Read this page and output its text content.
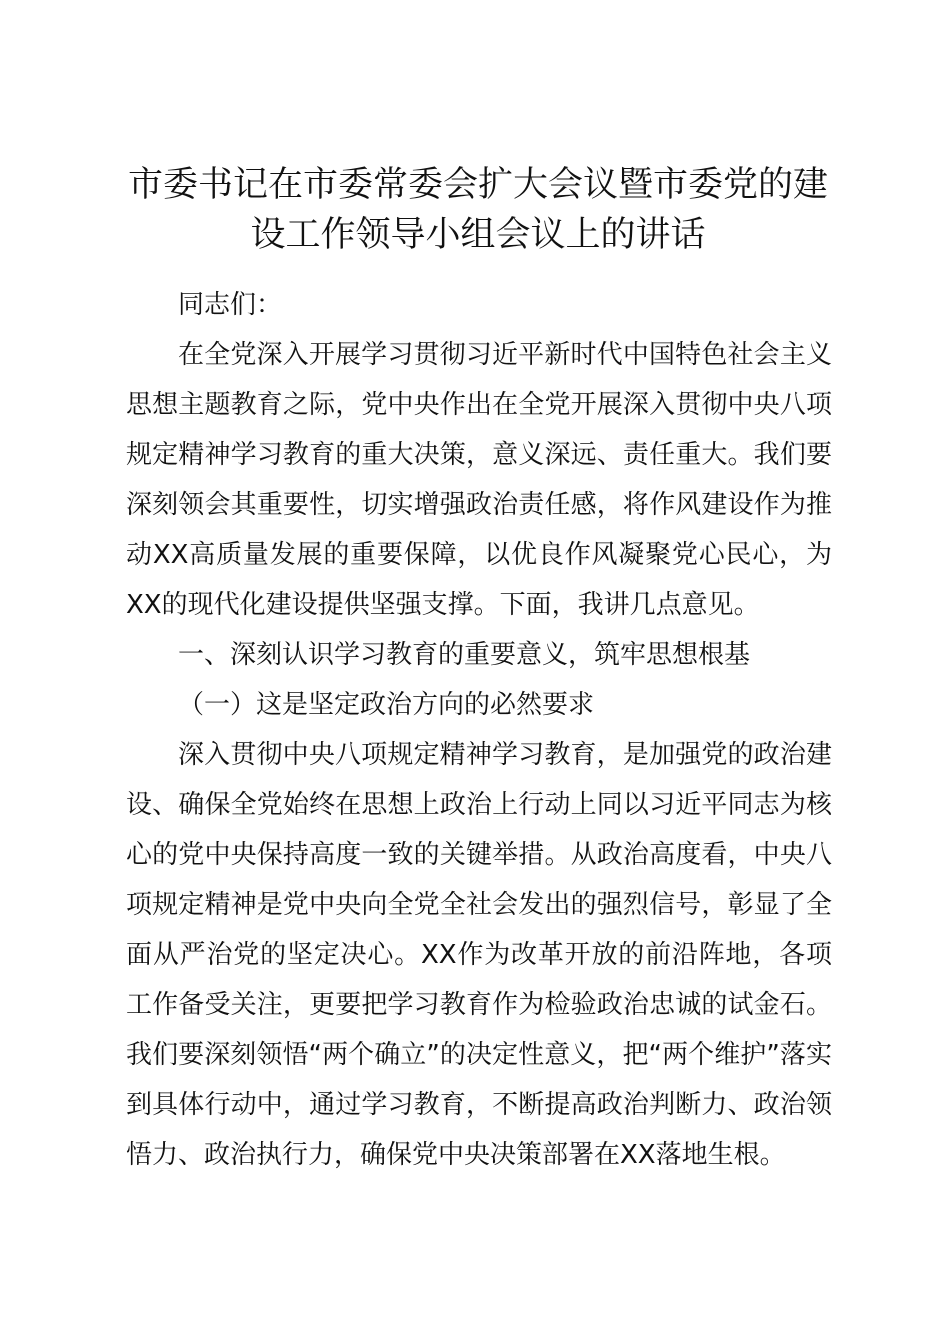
市委书记在市委常委会扩大会议暨市委党的建设工作领导小组会议上的讲话

同志们：

在全党深入开展学习贯彻习近平新时代中国特色社会主义思想主题教育之际，党中央作出在全党开展深入贯彻中央八项规定精神学习教育的重大决策，意义深远、责任重大。我们要深刻领会其重要性，切实增强政治责任感，将作风建设作为推动XX高质量发展的重要保障，以优良作风凝聚党心民心，为XX的现代化建设提供坚强支撑。下面，我讲几点意见。

一、深刻认识学习教育的重要意义，筑牢思想根基

（一）这是坚定政治方向的必然要求

深入贯彻中央八项规定精神学习教育，是加强党的政治建设、确保全党始终在思想上政治上行动上同以习近平同志为核心的党中央保持高度一致的关键举措。从政治高度看，中央八项规定精神是党中央向全党全社会发出的强烈信号，彰显了全面从严治党的坚定决心。XX作为改革开放的前沿阵地，各项工作备受关注，更要把学习教育作为检验政治忠诚的试金石。我们要深刻领悟“两个确立”的决定性意义，把“两个维护”落实到具体行动中，通过学习教育，不断提高政治判断力、政治领悟力、政治执行力，确保党中央决策部署在XX落地生根。
